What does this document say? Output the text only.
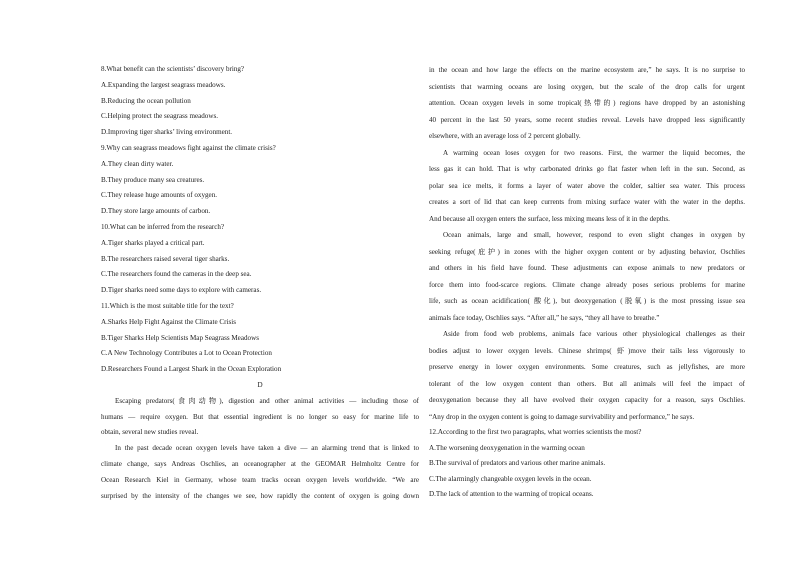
8.What benefit can the scientists’ discovery bring?
A.Expanding the largest seagrass meadows.
B.Reducing the ocean pollution
C.Helping protect the seagrass meadows.
D.Improving tiger sharks’ living environment.
9.Why can seagrass meadows fight against the climate crisis?
A.They clean dirty water.
B.They produce many sea creatures.
C.They release huge amounts of oxygen.
D.They store large amounts of carbon.
10.What can be inferred from the research?
A.Tiger sharks played a critical part.
B.The researchers raised several tiger sharks.
C.The researchers found the cameras in the deep sea.
D.Tiger sharks need some days to explore with cameras.
11.Which is the most suitable title for the text?
A.Sharks Help Fight Against the Climate Crisis
B.Tiger Sharks Help Scientists Map Seagrass Meadows
C.A New Technology Contributes a Lot to Ocean Protection
D.Researchers Found a Largest Shark in the Ocean Exploration
D
Escaping predators(食肉动物), digestion and other animal activities — including those of
humans — require oxygen. But that essential ingredient is no longer so easy for marine life to
obtain, several new studies reveal.
In the past decade ocean oxygen levels have taken a dive — an alarming trend that is linked to
climate change, says Andreas Oschlies, an oceanographer at the GEOMAR Helmholtz Centre for
Ocean Research Kiel in Germany, whose team tracks ocean oxygen levels worldwide. “We are
surprised by the intensity of the changes we see, how rapidly the content of oxygen is going down
in the ocean and how large the effects on the marine ecosystem are,” he says. It is no surprise to
scientists that warming oceans are losing oxygen, but the scale of the drop calls for urgent
attention. Ocean oxygen levels in some tropical(热带的) regions have dropped by an astonishing
40 percent in the last 50 years, some recent studies reveal. Levels have dropped less significantly
elsewhere, with an average loss of 2 percent globally.
A warming ocean loses oxygen for two reasons. First, the warmer the liquid becomes, the
less gas it can hold. That is why carbonated drinks go flat faster when left in the sun. Second, as
polar sea ice melts, it forms a layer of water above the colder, saltier sea water. This process
creates a sort of lid that can keep currents from mixing surface water with the water in the depths.
And because all oxygen enters the surface, less mixing means less of it in the depths.
Ocean animals, large and small, however, respond to even slight changes in oxygen by
seeking refuge(庇护) in zones with the higher oxygen content or by adjusting behavior, Oschlies
and others in his field have found. These adjustments can expose animals to new predators or
force them into food-scarce regions. Climate change already poses serious problems for marine
life, such as ocean acidification( 酸化), but deoxygenation (脱氧) is the most pressing issue sea
animals face today, Oschlies says. “After all,” he says, “they all have to breathe.”
Aside from food web problems, animals face various other physiological challenges as their
bodies adjust to lower oxygen levels. Chinese shrimps( 虾)move their tails less vigorously to
preserve energy in lower oxygen environments. Some creatures, such as jellyfishes, are more
tolerant of the low oxygen content than others. But all animals will feel the impact of
deoxygenation because they all have evolved their oxygen capacity for a reason, says Oschlies.
“Any drop in the oxygen content is going to damage survivability and performance,” he says.
12.According to the first two paragraphs, what worries scientists the most?
A.The worsening deoxygenation in the warming ocean
B.The survival of predators and various other marine animals.
C.The alarmingly changeable oxygen levels in the ocean.
D.The lack of attention to the warming of tropical oceans.
